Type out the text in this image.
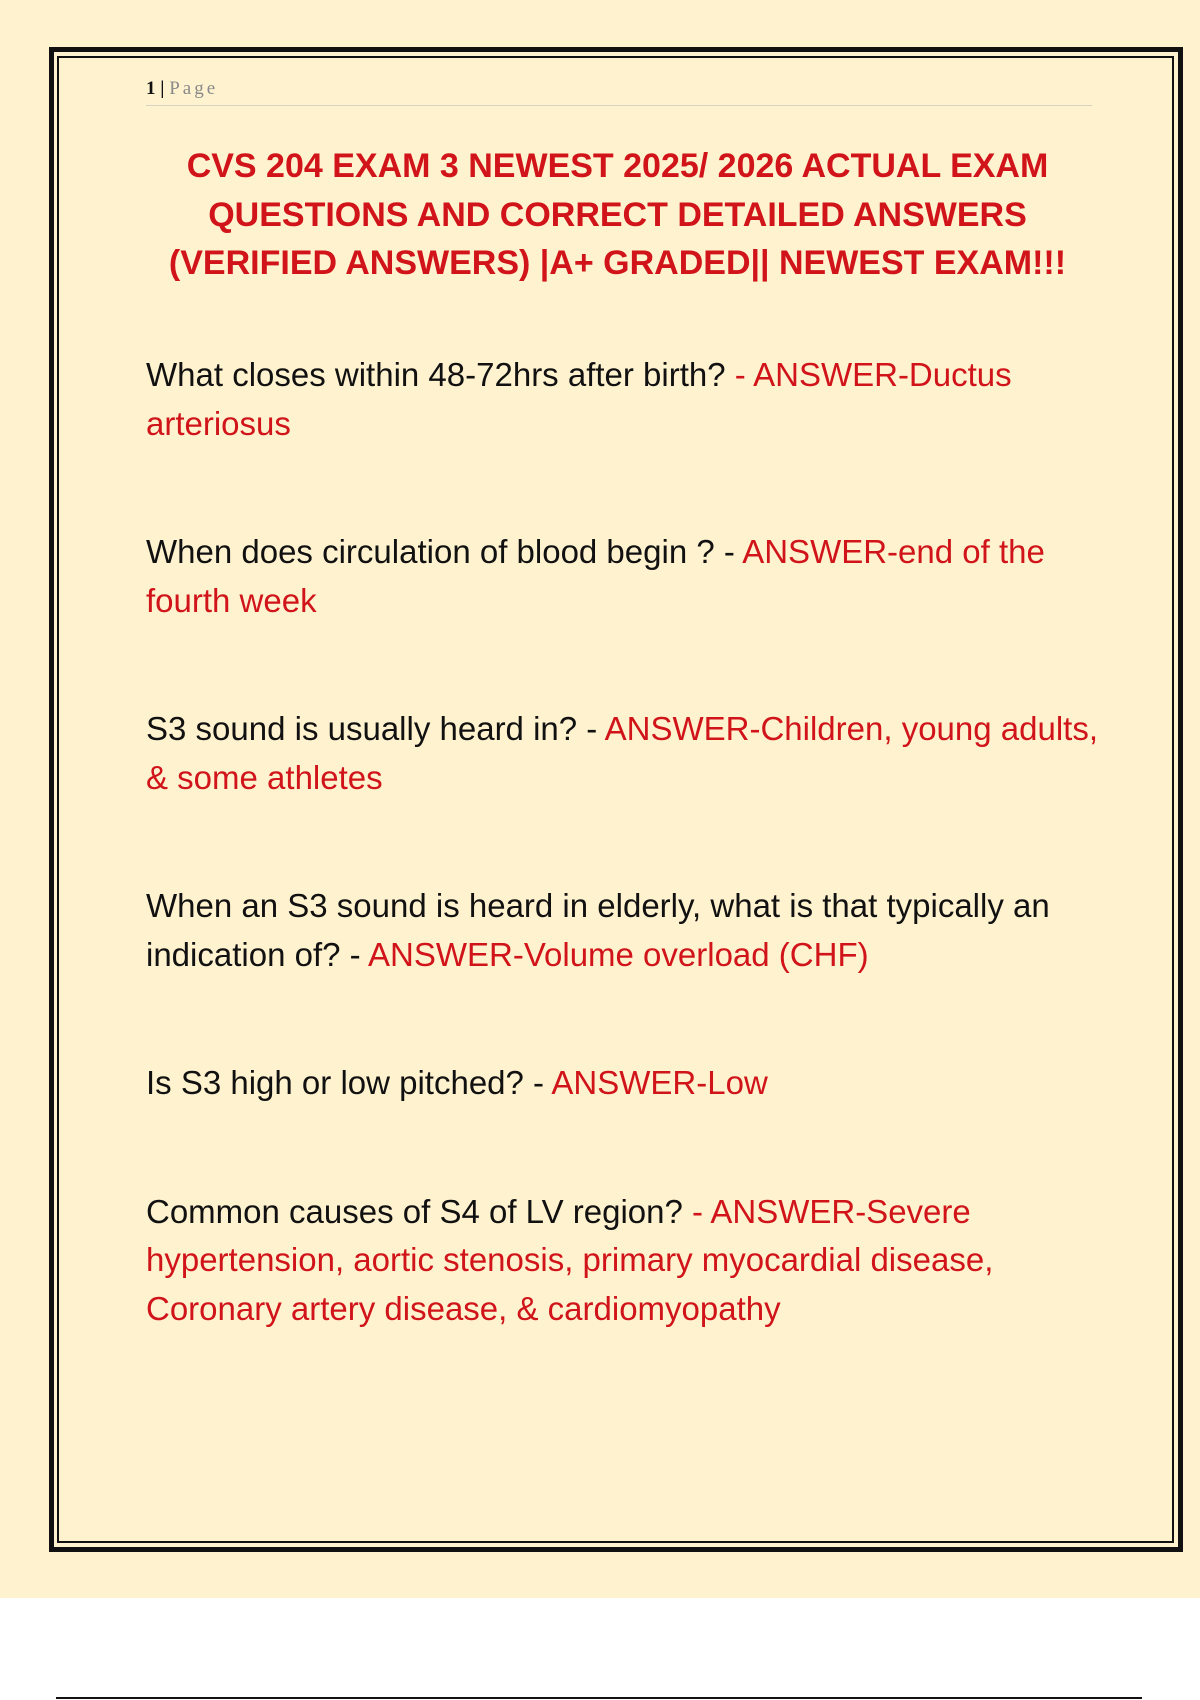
1 | Page
CVS 204 EXAM 3 NEWEST 2025/ 2026 ACTUAL EXAM QUESTIONS AND CORRECT DETAILED ANSWERS (VERIFIED ANSWERS) |A+ GRADED|| NEWEST EXAM!!!

What closes within 48-72hrs after birth? - ANSWER-Ductus arteriosus

When does circulation of blood begin ? - ANSWER-end of the fourth week

S3 sound is usually heard in? - ANSWER-Children, young adults, & some athletes

When an S3 sound is heard in elderly, what is that typically an indication of? - ANSWER-Volume overload (CHF)

Is S3 high or low pitched? - ANSWER-Low

Common causes of S4 of LV region? - ANSWER-Severe hypertension, aortic stenosis, primary myocardial disease, Coronary artery disease, & cardiomyopathy
